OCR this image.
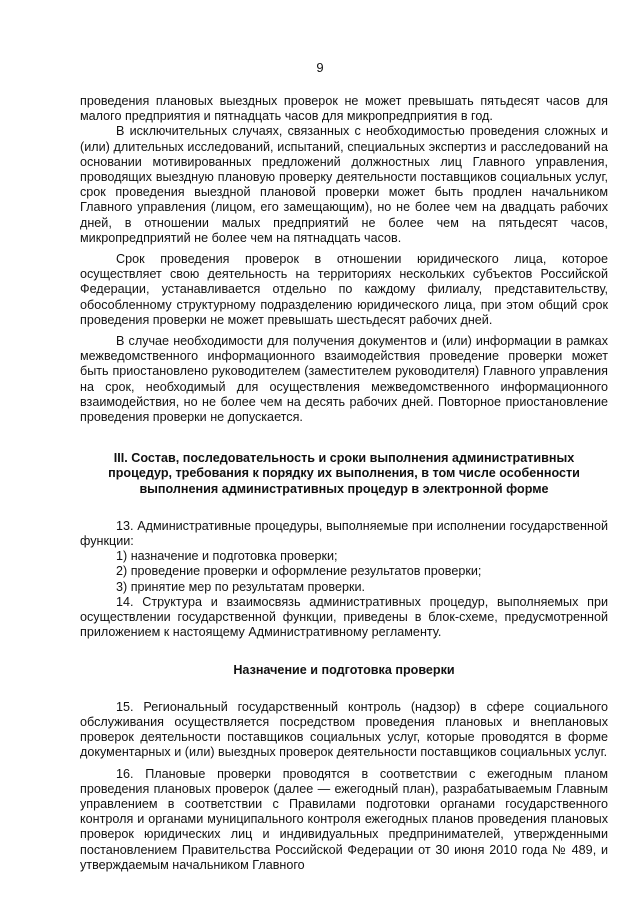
9

проведения плановых выездных проверок не может превышать пятьдесят часов для малого предприятия и пятнадцать часов для микропредприятия в год.

В исключительных случаях, связанных с необходимостью проведения сложных и (или) длительных исследований, испытаний, специальных экспертиз и расследований на основании мотивированных предложений должностных лиц Главного управления, проводящих выездную плановую проверку деятельности поставщиков социальных услуг, срок проведения выездной плановой проверки может быть продлен начальником Главного управления (лицом, его замещающим), но не более чем на двадцать рабочих дней, в отношении малых предприятий не более чем на пятьдесят часов, микропредприятий не более чем на пятнадцать часов.

Срок проведения проверок в отношении юридического лица, которое осуществляет свою деятельность на территориях нескольких субъектов Российской Федерации, устанавливается отдельно по каждому филиалу, представительству, обособленному структурному подразделению юридического лица, при этом общий срок проведения проверки не может превышать шестьдесят рабочих дней.

В случае необходимости для получения документов и (или) информации в рамках межведомственного информационного взаимодействия проведение проверки может быть приостановлено руководителем (заместителем руководителя) Главного управления на срок, необходимый для осуществления межведомственного информационного взаимодействия, но не более чем на десять рабочих дней. Повторное приостановление проведения проверки не допускается.

III. Состав, последовательность и сроки выполнения административных процедур, требования к порядку их выполнения, в том числе особенности выполнения административных процедур в электронной форме

13. Административные процедуры, выполняемые при исполнении государственной функции:

1) назначение и подготовка проверки;

2) проведение проверки и оформление результатов проверки;

3) принятие мер по результатам проверки.

14. Структура и взаимосвязь административных процедур, выполняемых при осуществлении государственной функции, приведены в блок-схеме, предусмотренной приложением к настоящему Административному регламенту.

Назначение и подготовка проверки

15. Региональный государственный контроль (надзор) в сфере социального обслуживания осуществляется посредством проведения плановых и внеплановых проверок деятельности поставщиков социальных услуг, которые проводятся в форме документарных и (или) выездных проверок деятельности поставщиков социальных услуг.

16. Плановые проверки проводятся в соответствии с ежегодным планом проведения плановых проверок (далее — ежегодный план), разрабатываемым Главным управлением в соответствии с Правилами подготовки органами государственного контроля и органами муниципального контроля ежегодных планов проведения плановых проверок юридических лиц и индивидуальных предпринимателей, утвержденными постановлением Правительства Российской Федерации от 30 июня 2010 года № 489, и утверждаемым начальником Главного
